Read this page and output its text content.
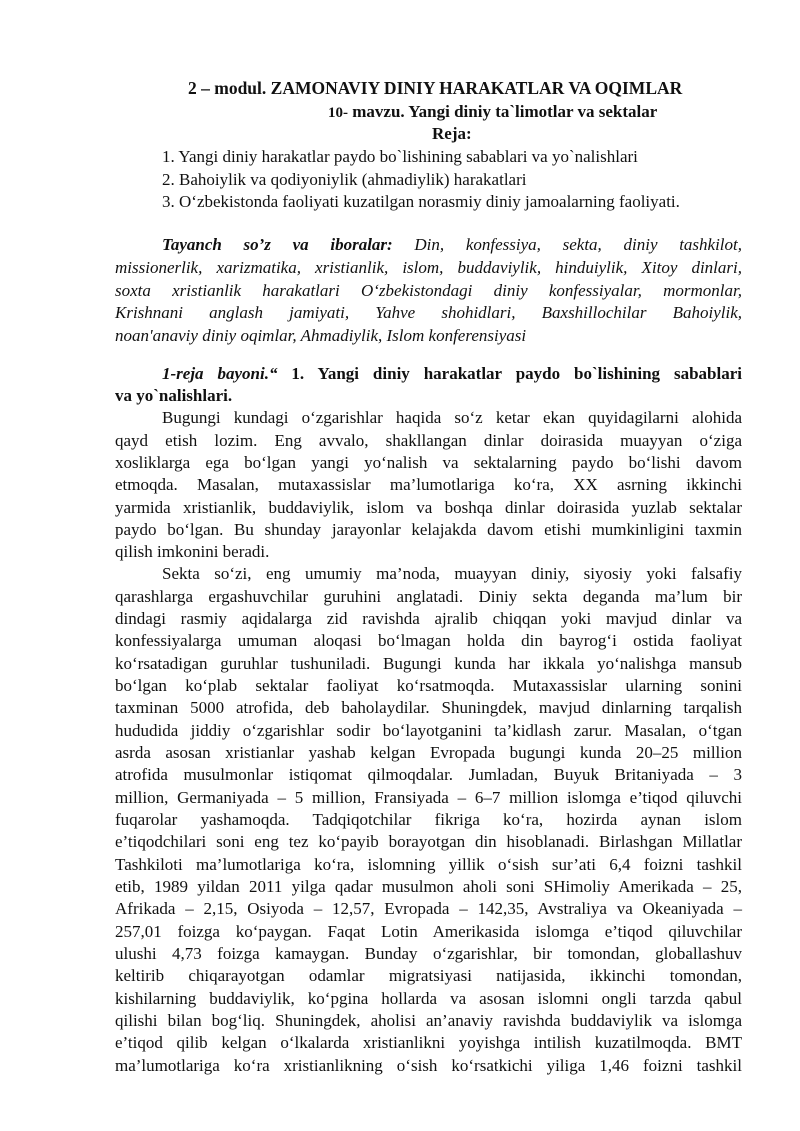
2 – modul. ZAMONAVIY DINIY HARAKATLAR VA OQIMLAR
10- mavzu. Yangi diniy ta`limotlar va sektalar
Reja:
1. Yangi diniy harakatlar paydo bo`lishining sabablari va yo`nalishlari
2. Bahoiylik va qodiyoniylik (ahmadiylik) harakatlari
3. O‘zbekistonda faoliyati kuzatilgan norasmiy diniy jamoalarning faoliyati.
Tayanch so’z va iboralar: Din, konfessiya, sekta, diniy tashkilot,
missionerlik, xarizmatika, xristianlik, islom, buddaviylik, hinduiylik, Xitoy dinlari,
soxta xristianlik harakatlari O‘zbekistondagi diniy konfessiyalar, mormonlar,
Krishnani anglash jamiyati, Yahve shohidlari, Baxshillochilar Bahoiylik,
noan'anaviy diniy oqimlar, Ahmadiylik, Islom konferensiyasi
1-reja bayoni.“ 1. Yangi diniy harakatlar paydo bo`lishining sabablari
va yo`nalishlari.
Bugungi kundagi o‘zgarishlar haqida so‘z ketar ekan quyidagilarni alohida
qayd etish lozim. Eng avvalo, shakllangan dinlar doirasida muayyan o‘ziga
xosliklarga ega bo‘lgan yangi yo‘nalish va sektalarning paydo bo‘lishi davom
etmoqda. Masalan, mutaxassislar ma’lumotlariga ko‘ra, XX asrning ikkinchi
yarmida xristianlik, buddaviylik, islom va boshqa dinlar doirasida yuzlab sektalar
paydo bo‘lgan. Bu shunday jarayonlar kelajakda davom etishi mumkinligini taxmin
qilish imkonini beradi.
Sekta so‘zi, eng umumiy ma’noda, muayyan diniy, siyosiy yoki falsafiy
qarashlarga ergashuvchilar guruhini anglatadi. Diniy sekta deganda ma’lum bir
dindagi rasmiy aqidalarga zid ravishda ajralib chiqqan yoki mavjud dinlar va
konfessiyalarga umuman aloqasi bo‘lmagan holda din bayrog‘i ostida faoliyat
ko‘rsatadigan guruhlar tushuniladi. Bugungi kunda har ikkala yo‘nalishga mansub
bo‘lgan ko‘plab sektalar faoliyat ko‘rsatmoqda. Mutaxassislar ularning sonini
taxminan 5000 atrofida, deb baholaydilar. Shuningdek, mavjud dinlarning tarqalish
hududida jiddiy o‘zgarishlar sodir bo‘layotganini ta’kidlash zarur. Masalan, o‘tgan
asrda asosan xristianlar yashab kelgan Evropada bugungi kunda 20–25 million
atrofida musulmonlar istiqomat qilmoqdalar. Jumladan, Buyuk Britaniyada – 3
million, Germaniyada – 5 million, Fransiyada – 6–7 million islomga e’tiqod qiluvchi
fuqarolar yashamoqda. Tadqiqotchilar fikriga ko‘ra, hozirda aynan islom
e’tiqodchilari soni eng tez ko‘payib borayotgan din hisoblanadi. Birlashgan Millatlar
Tashkiloti ma’lumotlariga ko‘ra, islomning yillik o‘sish sur’ati 6,4 foizni tashkil
etib, 1989 yildan 2011 yilga qadar musulmon aholi soni SHimoliy Amerikada – 25,
Afrikada – 2,15, Osiyoda – 12,57, Evropada – 142,35, Avstraliya va Okeaniyada –
257,01 foizga ko‘paygan. Faqat Lotin Amerikasida islomga e’tiqod qiluvchilar
ulushi 4,73 foizga kamaygan. Bunday o‘zgarishlar, bir tomondan, globallashuv
keltirib chiqarayotgan odamlar migratsiyasi natijasida, ikkinchi tomondan,
kishilarning buddaviylik, ko‘pgina hollarda va asosan islomni ongli tarzda qabul
qilishi bilan bog‘liq. Shuningdek, aholisi an’anaviy ravishda buddaviylik va islomga
e’tiqod qilib kelgan o‘lkalarda xristianlikni yoyishga intilish kuzatilmoqda. BMT
ma’lumotlariga ko‘ra xristianlikning o‘sish ko‘rsatkichi yiliga 1,46 foizni tashkil
